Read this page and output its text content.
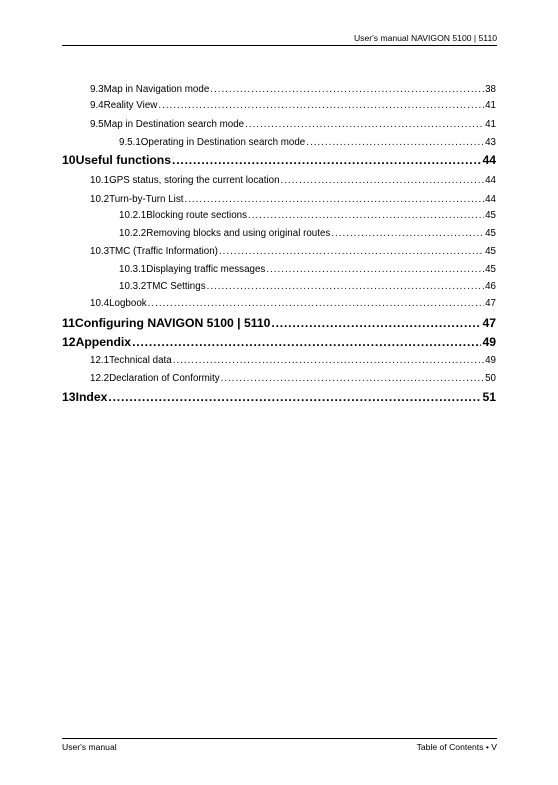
User's manual NAVIGON 5100 | 5110
9.3 Map in Navigation mode .....	38
9.4 Reality View .....	41
9.5 Map in Destination search mode .....	41
9.5.1 Operating in Destination search mode .....	43
10 Useful functions .....	44
10.1 GPS status, storing the current location .....	44
10.2 Turn-by-Turn List .....	44
10.2.1 Blocking route sections .....	45
10.2.2 Removing blocks and using original routes .....	45
10.3 TMC (Traffic Information) .....	45
10.3.1 Displaying traffic messages .....	45
10.3.2 TMC Settings .....	46
10.4 Logbook .....	47
11 Configuring NAVIGON 5100 | 5110 .....	47
12 Appendix .....	49
12.1 Technical data .....	49
12.2 Declaration of Conformity .....	50
13 Index .....	51
User's manual	Table of Contents • V
